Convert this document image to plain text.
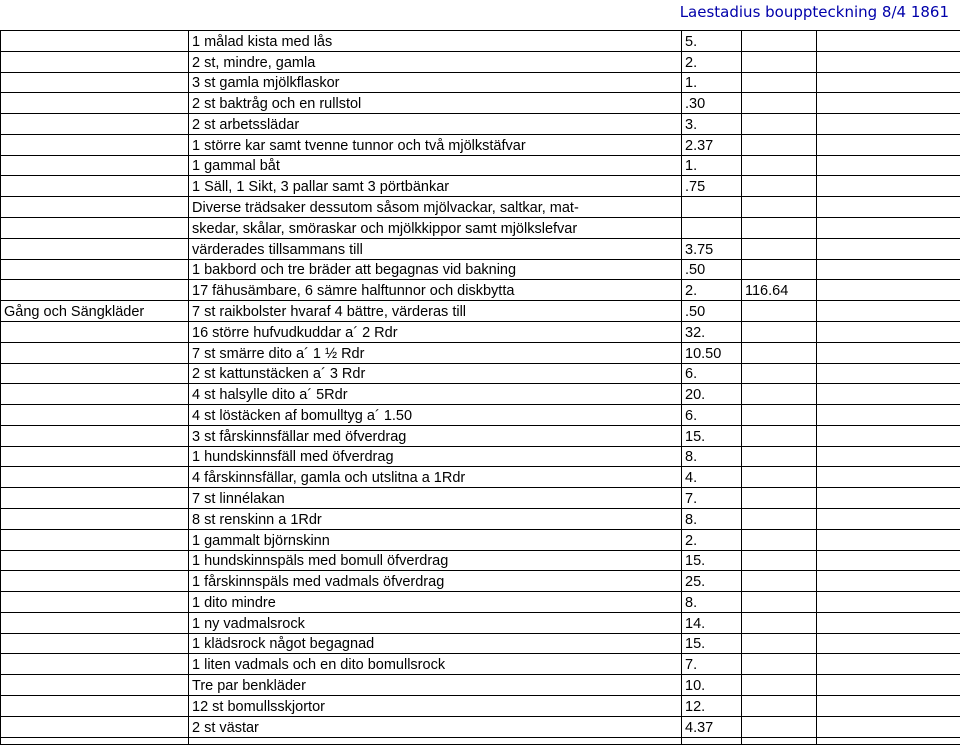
Laestadius bouppteckning 8/4 1861
	1 målad kista med lås	5.		
	2 st, mindre, gamla	2.		
	3 st gamla mjölkflaskor	1.		
	2 st baktråg och en rullstol	.30		
	2 st arbetsslädar	3.		
	1 större kar samt tvenne tunnor och två mjölkstäfvar	2.37		
	1 gammal båt	1.		
	1 Säll, 1 Sikt, 3 pallar samt 3 pörtbänkar	.75		
	Diverse trädsaker dessutom såsom mjölvackar, saltkar, mat-			
	skedar, skålar, smöraskar och mjölkkippor samt mjölkslefvar			
	värderades tillsammans till	3.75		
	1 bakbord och tre bräder att begagnas vid bakning	.50		
	17 fähusämbare, 6 sämre halftunnor och diskbytta	2.	116.64	
Gång och Sängkläder	7 st raikbolster hvaraf 4 bättre, värderas till	.50		
	16 större hufvudkuddar a´ 2 Rdr	32.		
	7 st smärre dito a´ 1 ½ Rdr	10.50		
	2 st kattunstäcken a´ 3 Rdr	6.		
	4 st halsylle dito a´ 5Rdr	20.		
	4 st löstäcken af bomulltyg a´ 1.50	6.		
	3 st fårskinnsfällar med öfverdrag	15.		
	1 hundskinnsfäll med öfverdrag	8.		
	4 fårskinnsfällar, gamla och utslitna a 1Rdr	4.		
	7 st linnélakan	7.		
	8 st renskinn a 1Rdr	8.		
	1 gammalt björnskinn	2.		
	1 hundskinnspäls med bomull öfverdrag	15.		
	1 fårskinnspäls med vadmals öfverdrag	25.		
	1 dito mindre	8.		
	1 ny vadmalsrock	14.		
	1 klädsrock något begagnad	15.		
	1 liten vadmals och en dito bomullsrock	7.		
	Tre par benkläder	10.		
	12 st bomullsskjortor	12.		
	2 st västar	4.37		
